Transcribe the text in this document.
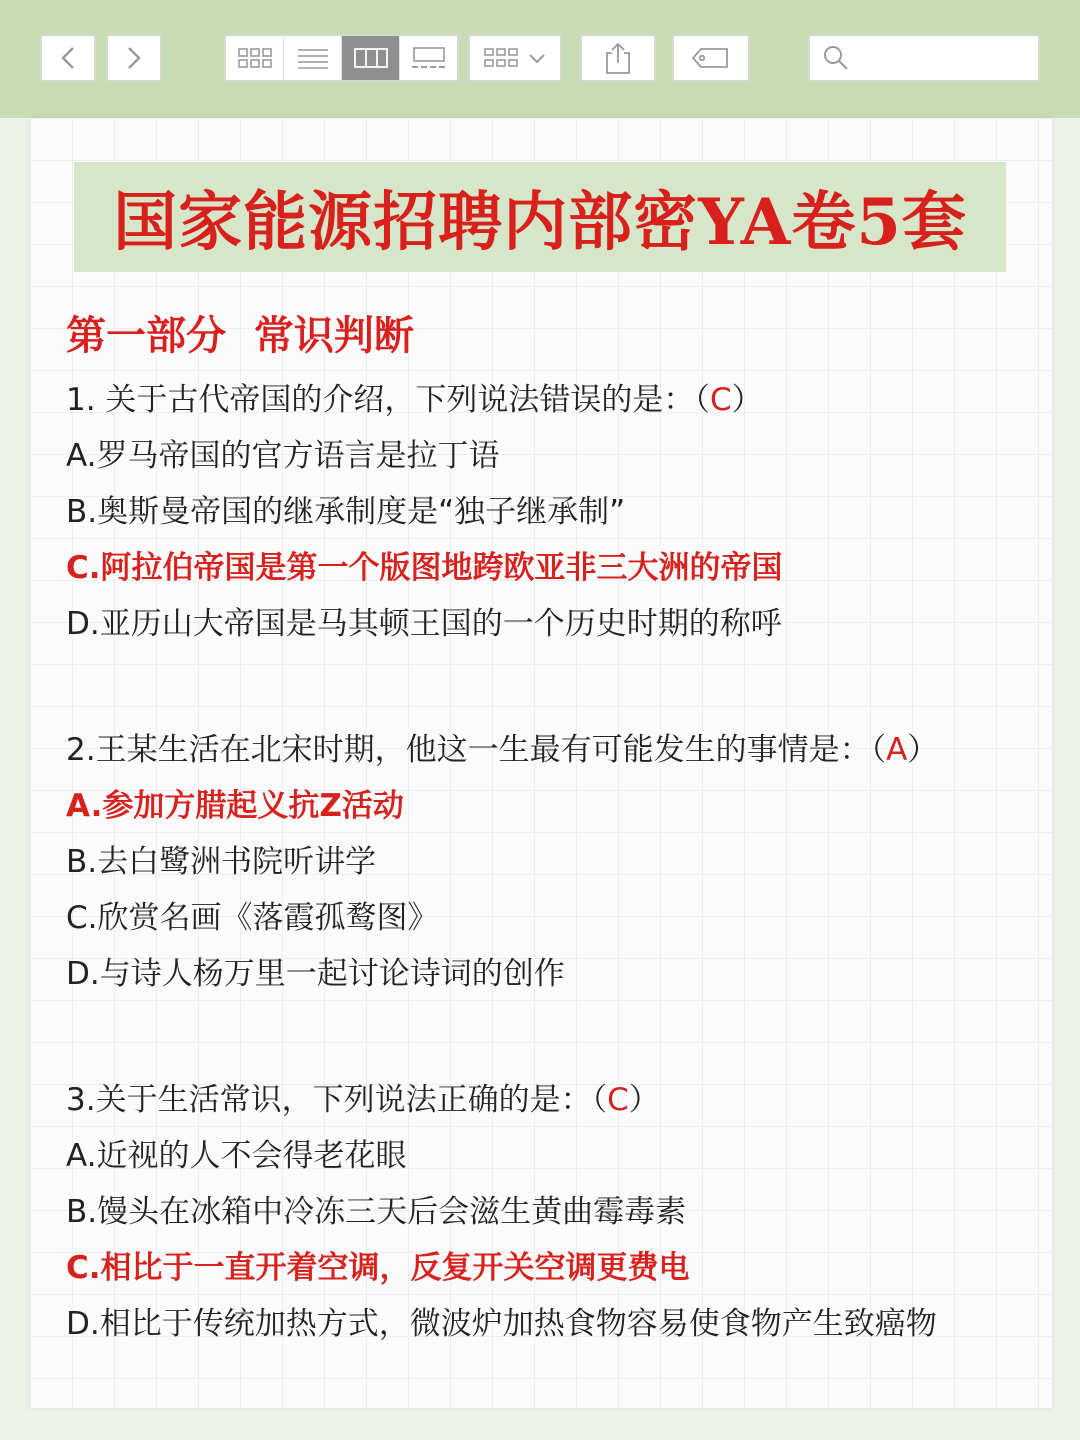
国家能源招聘内部密YA卷5套
第一部分  常识判断
1. 关于古代帝国的介绍，下列说法错误的是：（C）
A.罗马帝国的官方语言是拉丁语
B.奥斯曼帝国的继承制度是“独子继承制”
C.阿拉伯帝国是第一个版图地跨欧亚非三大洲的帝国
D.亚历山大帝国是马其顿王国的一个历史时期的称呼
2.王某生活在北宋时期，他这一生最有可能发生的事情是：（A）
A.参加方腊起义抗Z活动
B.去白鹭洲书院听讲学
C.欣赏名画《落霞孤鹜图》
D.与诗人杨万里一起讨论诗词的创作
3.关于生活常识，下列说法正确的是：（C）
A.近视的人不会得老花眼
B.馒头在冰箱中冷冻三天后会滋生黄曲霉毒素
C.相比于一直开着空调，反复开关空调更费电
D.相比于传统加热方式，微波炉加热食物容易使食物产生致癌物
